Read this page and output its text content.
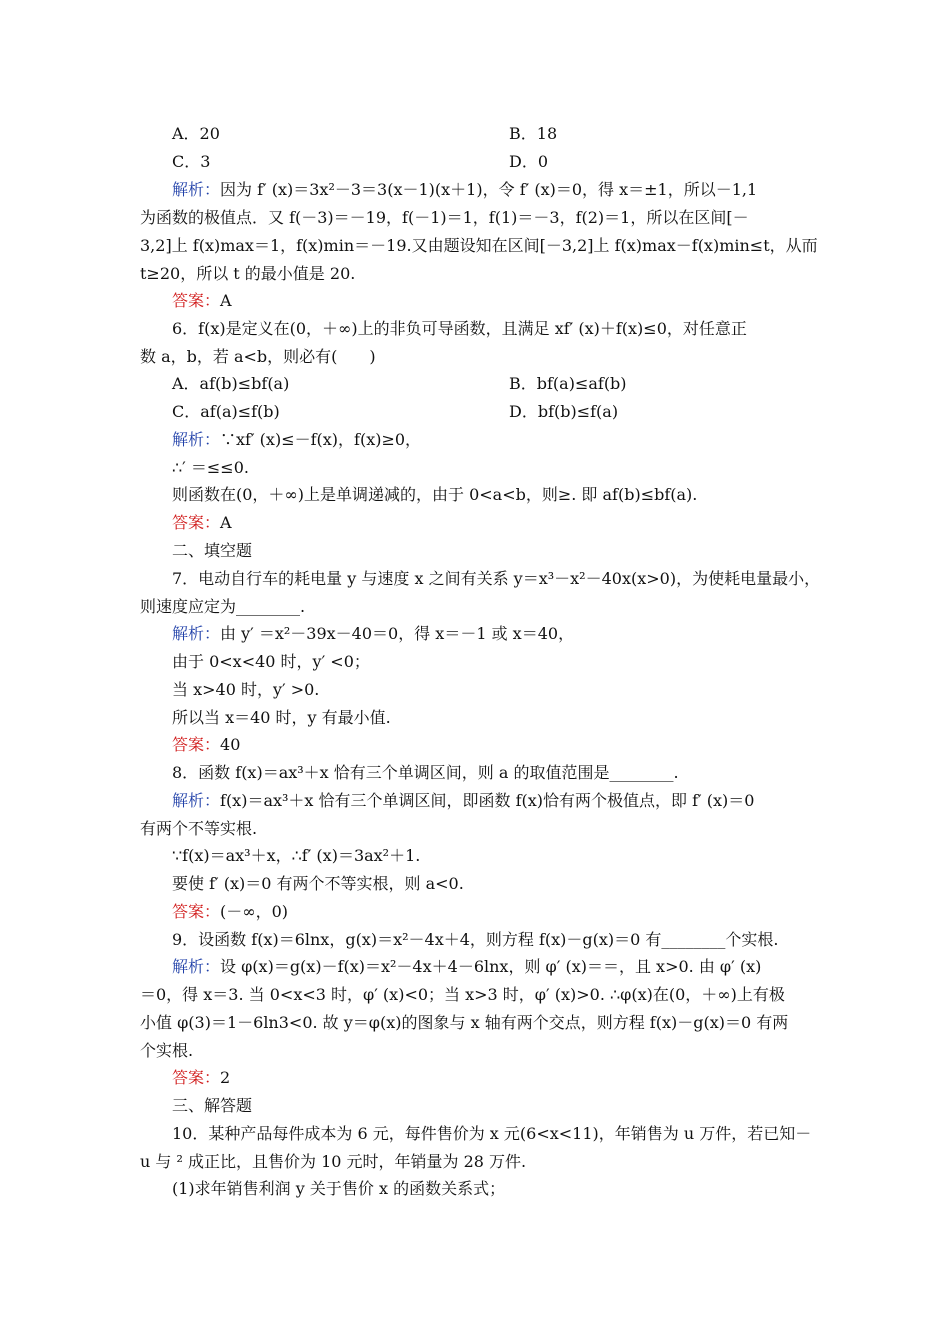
A．20	B．18
C．3	D．0
解析：因为 f′ (x)＝3x²－3＝3(x－1)(x＋1)，令 f′ (x)＝0，得 x＝±1，所以－1,1
为函数的极值点．又 f(－3)＝－19，f(－1)＝1，f(1)＝－3，f(2)＝1，所以在区间[－
3,2]上 f(x)max＝1，f(x)min＝－19.又由题设知在区间[－3,2]上 f(x)max－f(x)min≤t，从而
t≥20，所以 t 的最小值是 20.
答案：A
6．f(x)是定义在(0，＋∞)上的非负可导函数，且满足 xf′ (x)＋f(x)≤0，对任意正
数 a，b，若 a<b，则必有(　　)
A．af(b)≤bf(a)	B．bf(a)≤af(b)
C．af(a)≤f(b)	D．bf(b)≤f(a)
解析：∵xf′ (x)≤－f(x)，f(x)≥0，
∴′ ＝≤≤0.
则函数在(0，＋∞)上是单调递减的，由于 0<a<b，则≥. 即 af(b)≤bf(a).
答案：A
二、填空题
7．电动自行车的耗电量 y 与速度 x 之间有关系 y＝x³－x²－40x(x>0)，为使耗电量最小，
则速度应定为________.
解析：由 y′ ＝x²－39x－40＝0，得 x＝－1 或 x＝40，
由于 0<x<40 时，y′ <0；
当 x>40 时，y′ >0.
所以当 x＝40 时，y 有最小值.
答案：40
8．函数 f(x)＝ax³＋x 恰有三个单调区间，则 a 的取值范围是________.
解析：f(x)＝ax³＋x 恰有三个单调区间，即函数 f(x)恰有两个极值点，即 f′ (x)＝0
有两个不等实根.
∵f(x)＝ax³＋x，∴f′ (x)＝3ax²＋1.
要使 f′ (x)＝0 有两个不等实根，则 a<0.
答案：(－∞，0)
9．设函数 f(x)＝6lnx，g(x)＝x²－4x＋4，则方程 f(x)－g(x)＝0 有________个实根.
解析：设 φ(x)＝g(x)－f(x)＝x²－4x＋4－6lnx，则 φ′ (x)＝＝，且 x>0. 由 φ′ (x)
＝0，得 x＝3. 当 0<x<3 时，φ′ (x)<0；当 x>3 时，φ′ (x)>0. ∴φ(x)在(0，＋∞)上有极
小值 φ(3)＝1－6ln3<0. 故 y＝φ(x)的图象与 x 轴有两个交点，则方程 f(x)－g(x)＝0 有两
个实根.
答案：2
三、解答题
10．某种产品每件成本为 6 元，每件售价为 x 元(6<x<11)，年销售为 u 万件，若已知－
u 与 ² 成正比，且售价为 10 元时，年销量为 28 万件.
(1)求年销售利润 y 关于售价 x 的函数关系式；
